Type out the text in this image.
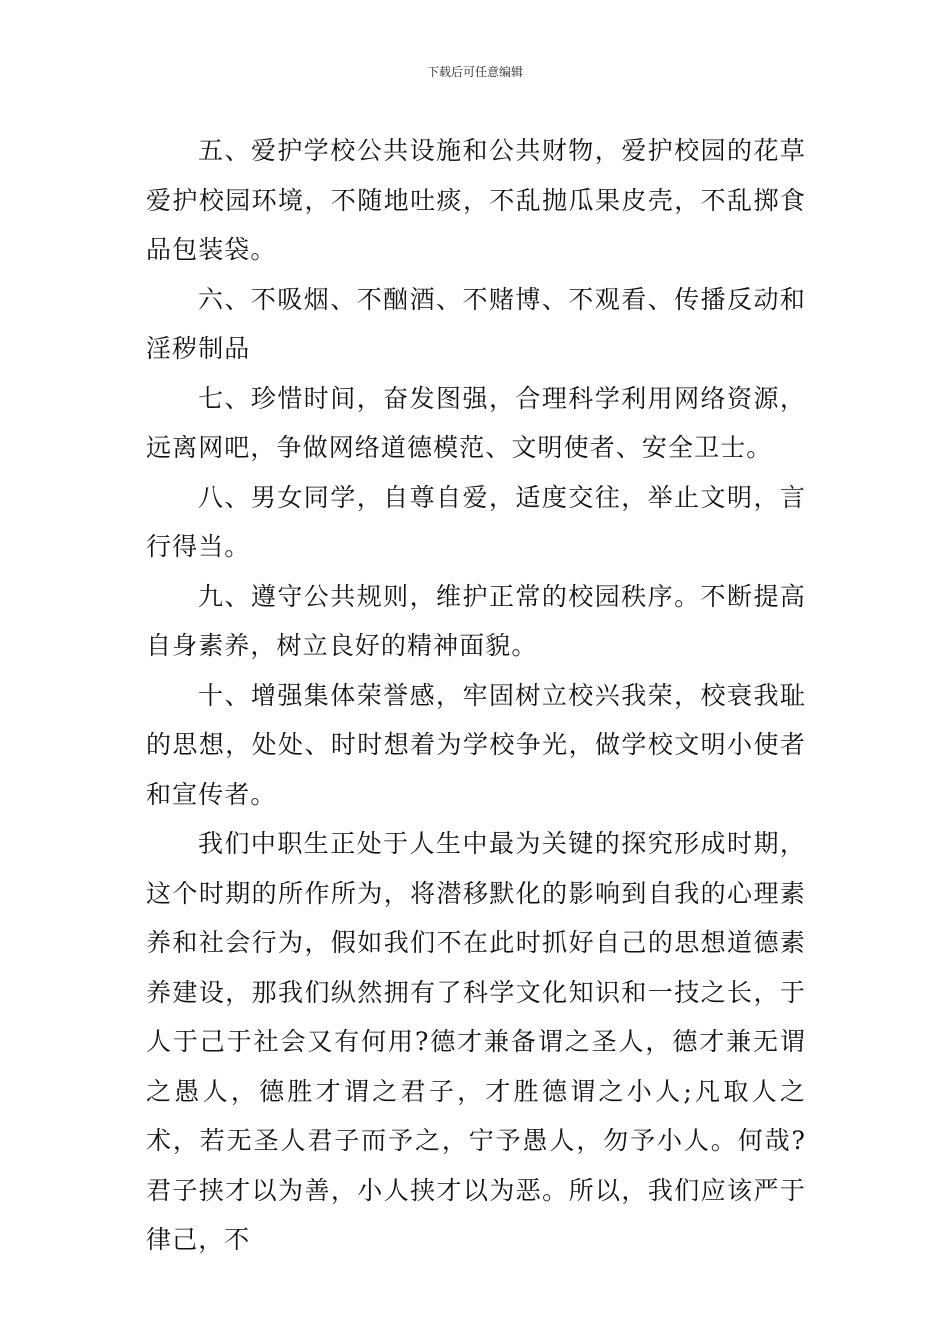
下载后可任意编辑

五、爱护学校公共设施和公共财物，爱护校园的花草爱护校园环境，不随地吐痰，不乱抛瓜果皮壳，不乱掷食品包装袋。

六、不吸烟、不酗酒、不赌博、不观看、传播反动和淫秽制品

七、珍惜时间，奋发图强，合理科学利用网络资源，远离网吧，争做网络道德模范、文明使者、安全卫士。

八、男女同学，自尊自爱，适度交往，举止文明，言行得当。

九、遵守公共规则，维护正常的校园秩序。不断提高自身素养，树立良好的精神面貌。

十、增强集体荣誉感，牢固树立校兴我荣，校衰我耻的思想，处处、时时想着为学校争光，做学校文明小使者和宣传者。

我们中职生正处于人生中最为关键的探究形成时期，这个时期的所作所为，将潜移默化的影响到自我的心理素养和社会行为，假如我们不在此时抓好自己的思想道德素养建设，那我们纵然拥有了科学文化知识和一技之长，于人于己于社会又有何用?德才兼备谓之圣人，德才兼无谓之愚人，德胜才谓之君子，才胜德谓之小人;凡取人之术，若无圣人君子而予之，宁予愚人，勿予小人。何哉?君子挟才以为善，小人挟才以为恶。所以，我们应该严于律己，不
